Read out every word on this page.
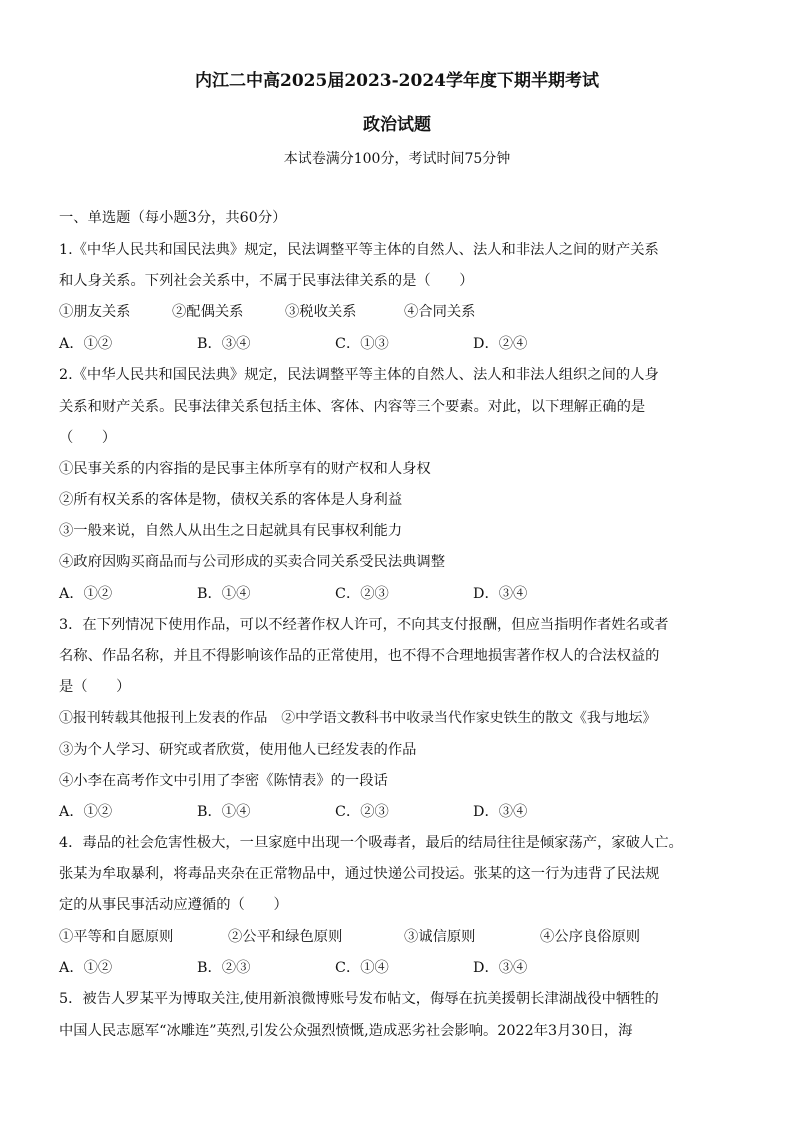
内江二中高2025届2023-2024学年度下期半期考试
政治试题
本试卷满分100分，考试时间75分钟
一、单选题（每小题3分，共60分）
1.《中华人民共和国民法典》规定，民法调整平等主体的自然人、法人和非法人之间的财产关系
和人身关系。下列社会关系中，不属于民事法律关系的是（　　）
①朋友关系	②配偶关系	③税收关系	④合同关系
A．①②	B．③④	C．①③	D．②④
2.《中华人民共和国民法典》规定，民法调整平等主体的自然人、法人和非法人组织之间的人身
关系和财产关系。民事法律关系包括主体、客体、内容等三个要素。对此，以下理解正确的是
（　　）
①民事关系的内容指的是民事主体所享有的财产权和人身权
②所有权关系的客体是物，债权关系的客体是人身利益
③一般来说，自然人从出生之日起就具有民事权利能力
④政府因购买商品而与公司形成的买卖合同关系受民法典调整
A．①②	B．①④	C．②③	D．③④
3．在下列情况下使用作品，可以不经著作权人许可，不向其支付报酬，但应当指明作者姓名或者
名称、作品名称，并且不得影响该作品的正常使用，也不得不合理地损害著作权人的合法权益的
是（　　）
①报刊转载其他报刊上发表的作品　②中学语文教科书中收录当代作家史铁生的散文《我与地坛》
③为个人学习、研究或者欣赏，使用他人已经发表的作品
④小李在高考作文中引用了李密《陈情表》的一段话
A．①②	B．①④	C．②③	D．③④
4．毒品的社会危害性极大，一旦家庭中出现一个吸毒者，最后的结局往往是倾家荡产，家破人亡。
张某为牟取暴利，将毒品夹杂在正常物品中，通过快递公司投运。张某的这一行为违背了民法规
定的从事民事活动应遵循的（　　）
①平等和自愿原则	②公平和绿色原则	③诚信原则	④公序良俗原则
A．①②	B．②③	C．①④	D．③④
5．被告人罗某平为博取关注,使用新浪微博账号发布帖文，侮辱在抗美援朝长津湖战役中牺牲的
中国人民志愿军“冰雕连”英烈,引发公众强烈愤慨,造成恶劣社会影响。2022年3月30日，海
